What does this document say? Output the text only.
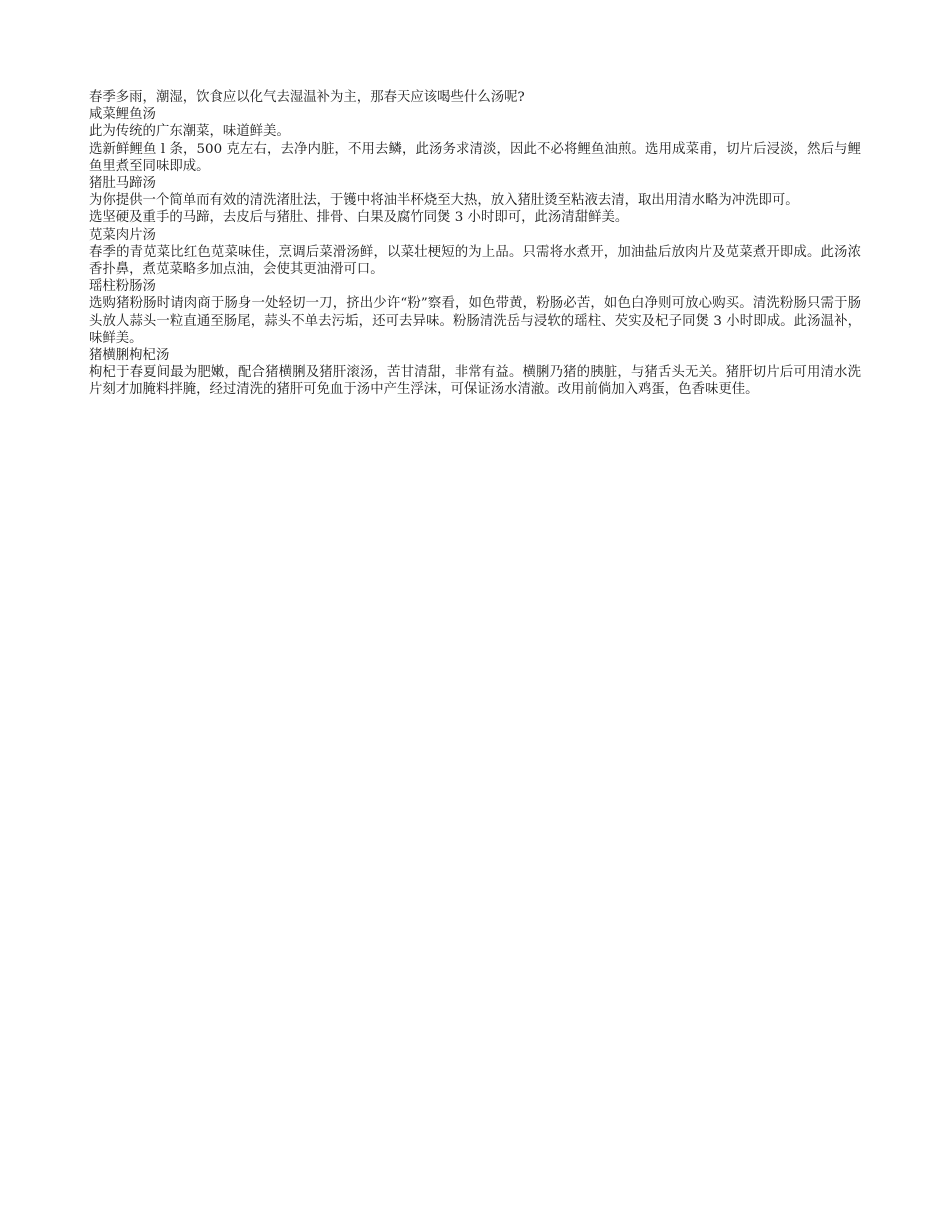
春季多雨，潮湿，饮食应以化气去湿温补为主，那春天应该喝些什么汤呢?

咸菜鲤鱼汤

此为传统的广东潮菜，味道鲜美。

选新鲜鲤鱼 l 条，500 克左右，去净内脏，不用去鳞，此汤务求清淡，因此不必将鲤鱼油煎。选用成菜甫，切片后浸淡，然后与鲤鱼里煮至同味即成。

猪肚马蹄汤

为你提供一个简单而有效的清洗渚肚法，于镬中将油半杯烧至大热，放入猪肚烫至粘液去清，取出用清水略为冲洗即可。

选坚硬及重手的马蹄，去皮后与猪肚、排骨、白果及腐竹同煲 3 小时即可，此汤清甜鲜美。

苋菜肉片汤

春季的青苋菜比红色苋菜味佳，烹调后菜滑汤鲜，以菜壮梗短的为上品。只需将水煮开，加油盐后放肉片及苋菜煮开即成。此汤浓香扑鼻，煮苋菜略多加点油，会使其更油滑可口。

瑶柱粉肠汤

选购猪粉肠时请肉商于肠身一处轻切一刀，挤出少许“粉”察看，如色带黄，粉肠必苦，如色白净则可放心购买。清洗粉肠只需于肠头放人蒜头一粒直通至肠尾，蒜头不单去污垢，还可去异味。粉肠清洗岳与浸软的瑶柱、芡实及杞子同煲 3 小时即成。此汤温补，味鲜美。

猪横脷枸杞汤

枸杞于春夏间最为肥嫩，配合猪横脷及猪肝滚汤，苦甘清甜，非常有益。横脷乃猪的胰脏，与猪舌头无关。猪肝切片后可用清水洗片刻才加腌料拌腌，经过清洗的猪肝可免血于汤中产生浮沫，可保证汤水清澈。改用前倘加入鸡蛋，色香味更佳。
